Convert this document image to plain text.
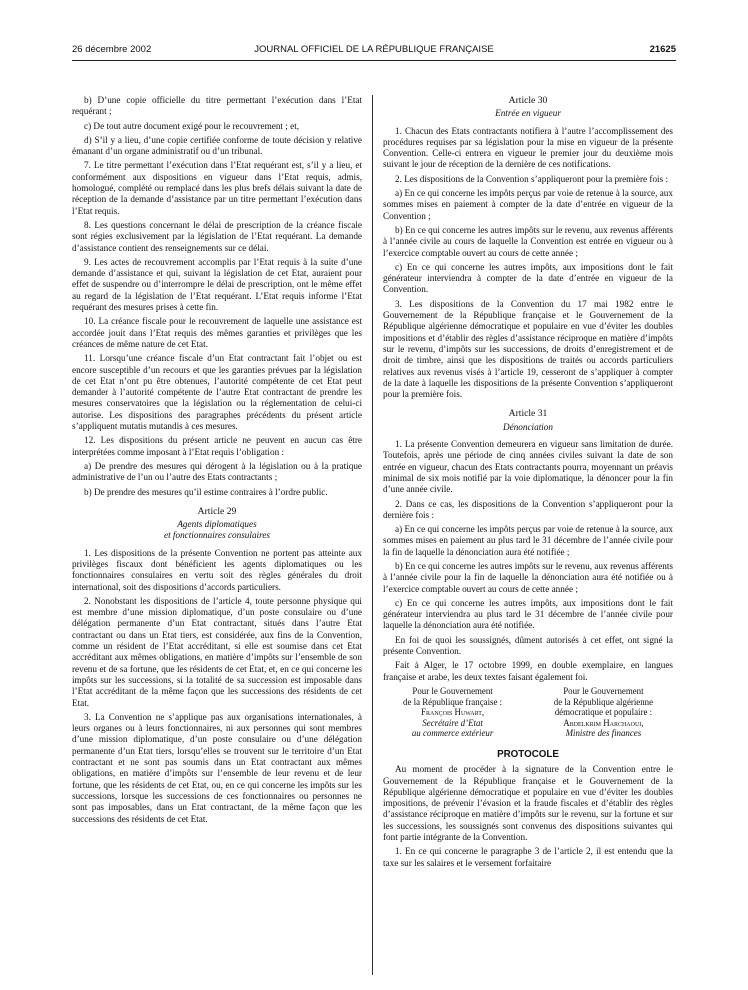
26 décembre 2002	JOURNAL OFFICIEL DE LA RÉPUBLIQUE FRANÇAISE	21625

b) D’une copie officielle du titre permettant l’exécution dans l’Etat requérant ;

c) De tout autre document exigé pour le recouvrement ; et,

d) S’il y a lieu, d’une copie certifiée conforme de toute décision y relative émanant d’un organe administratif ou d’un tribunal.

7. Le titre permettant l’exécution dans l’Etat requérant est, s’il y a lieu, et conformément aux dispositions en vigueur dans l’Etat requis, admis, homologué, complété ou remplacé dans les plus brefs délais suivant la date de réception de la demande d’assistance par un titre permettant l’exécution dans l’Etat requis.

8. Les questions concernant le délai de prescription de la créance fiscale sont régies exclusivement par la législation de l’Etat requérant. La demande d’assistance contient des renseignements sur ce délai.

9. Les actes de recouvrement accomplis par l’Etat requis à la suite d’une demande d’assistance et qui, suivant la législation de cet Etat, auraient pour effet de suspendre ou d’interrompre le délai de prescription, ont le même effet au regard de la législation de l’Etat requérant. L’Etat requis informe l’Etat requérant des mesures prises à cette fin.

10. La créance fiscale pour le recouvrement de laquelle une assistance est accordée jouit dans l’Etat requis des mêmes garanties et privilèges que les créances de même nature de cet Etat.

11. Lorsqu’une créance fiscale d’un Etat contractant fait l’objet ou est encore susceptible d’un recours et que les garanties prévues par la législation de cet Etat n’ont pu être obtenues, l’autorité compétente de cet Etat peut demander à l’autorité compétente de l’autre Etat contractant de prendre les mesures conservatoires que la législation ou la réglementation de celui-ci autorise. Les dispositions des paragraphes précédents du présent article s’appliquent mutatis mutandis à ces mesures.

12. Les dispositions du présent article ne peuvent en aucun cas être interprétées comme imposant à l’Etat requis l’obligation :

a) De prendre des mesures qui dérogent à la législation ou à la pratique administrative de l’un ou l’autre des Etats contractants ;

b) De prendre des mesures qu’il estime contraires à l’ordre public.

Article 29
Agents diplomatiques
et fonctionnaires consulaires

1. Les dispositions de la présente Convention ne portent pas atteinte aux privilèges fiscaux dont bénéficient les agents diplomatiques ou les fonctionnaires consulaires en vertu soit des règles générales du droit international, soit des dispositions d’accords particuliers.

2. Nonobstant les dispositions de l’article 4, toute personne physique qui est membre d’une mission diplomatique, d’un poste consulaire ou d’une délégation permanente d’un Etat contractant, situés dans l’autre Etat contractant ou dans un Etat tiers, est considérée, aux fins de la Convention, comme un résident de l’Etat accréditant, si elle est soumise dans cet Etat accréditant aux mêmes obligations, en matière d’impôts sur l’ensemble de son revenu et de sa fortune, que les résidents de cet Etat, et, en ce qui concerne les impôts sur les successions, si la totalité de sa succession est imposable dans l’Etat accréditant de la même façon que les successions des résidents de cet Etat.

3. La Convention ne s’applique pas aux organisations internationales, à leurs organes ou à leurs fonctionnaires, ni aux personnes qui sont membres d’une mission diplomatique, d’un poste consulaire ou d’une délégation permanente d’un Etat tiers, lorsqu’elles se trouvent sur le territoire d’un Etat contractant et ne sont pas soumis dans un Etat contractant aux mêmes obligations, en matière d’impôts sur l’ensemble de leur revenu et de leur fortune, que les résidents de cet Etat, ou, en ce qui concerne les impôts sur les successions, lorsque les successions de ces fonctionnaires ou personnes ne sont pas imposables, dans un Etat contractant, de la même façon que les successions des résidents de cet Etat.

Article 30
Entrée en vigueur

1. Chacun des Etats contractants notifiera à l’autre l’accomplissement des procédures requises par sa législation pour la mise en vigueur de la présente Convention. Celle-ci entrera en vigueur le premier jour du deuxième mois suivant le jour de réception de la dernière de ces notifications.

2. Les dispositions de la Convention s’appliqueront pour la première fois :

a) En ce qui concerne les impôts perçus par voie de retenue à la source, aux sommes mises en paiement à compter de la date d’entrée en vigueur de la Convention ;

b) En ce qui concerne les autres impôts sur le revenu, aux revenus afférents à l’année civile au cours de laquelle la Convention est entrée en vigueur ou à l’exercice comptable ouvert au cours de cette année ;

c) En ce qui concerne les autres impôts, aux impositions dont le fait générateur interviendra à compter de la date d’entrée en vigueur de la Convention.

3. Les dispositions de la Convention du 17 mai 1982 entre le Gouvernement de la République française et le Gouvernement de la République algérienne démocratique et populaire en vue d’éviter les doubles impositions et d’établir des règles d’assistance réciproque en matière d’impôts sur le revenu, d’impôts sur les successions, de droits d’enregistrement et de droit de timbre, ainsi que les dispositions de traités ou accords particuliers relatives aux revenus visés à l’article 19, cesseront de s’appliquer à compter de la date à laquelle les dispositions de la présente Convention s’appliqueront pour la première fois.

Article 31
Dénonciation

1. La présente Convention demeurera en vigueur sans limitation de durée. Toutefois, après une période de cinq années civiles suivant la date de son entrée en vigueur, chacun des Etats contractants pourra, moyennant un préavis minimal de six mois notifié par la voie diplomatique, la dénoncer pour la fin d’une année civile.

2. Dans ce cas, les dispositions de la Convention s’appliqueront pour la dernière fois :

a) En ce qui concerne les impôts perçus par voie de retenue à la source, aux sommes mises en paiement au plus tard le 31 décembre de l’année civile pour la fin de laquelle la dénonciation aura été notifiée ;

b) En ce qui concerne les autres impôts sur le revenu, aux revenus afférents à l’année civile pour la fin de laquelle la dénonciation aura été notifiée ou à l’exercice comptable ouvert au cours de cette année ;

c) En ce qui concerne les autres impôts, aux impositions dont le fait générateur interviendra au plus tard le 31 décembre de l’année civile pour laquelle la dénonciation aura été notifiée.

En foi de quoi les soussignés, dûment autorisés à cet effet, ont signé la présente Convention.

Fait à Alger, le 17 octobre 1999, en double exemplaire, en langues française et arabe, les deux textes faisant également foi.

Pour le Gouvernement
de la République française :
François Huwart,
Secrétaire d’Etat
au commerce extérieur
Pour le Gouvernement
de la République algérienne
démocratique et populaire :
Abdelkrim Harchaoui,
Ministre des finances
PROTOCOLE

Au moment de procéder à la signature de la Convention entre le Gouvernement de la République française et le Gouvernement de la République algérienne démocratique et populaire en vue d’éviter les doubles impositions, de prévenir l’évasion et la fraude fiscales et d’établir des règles d’assistance réciproque en matière d’impôts sur le revenu, sur la fortune et sur les successions, les soussignés sont convenus des dispositions suivantes qui font partie intégrante de la Convention.

1. En ce qui concerne le paragraphe 3 de l’article 2, il est entendu que la taxe sur les salaires et le versement forfaitaire
